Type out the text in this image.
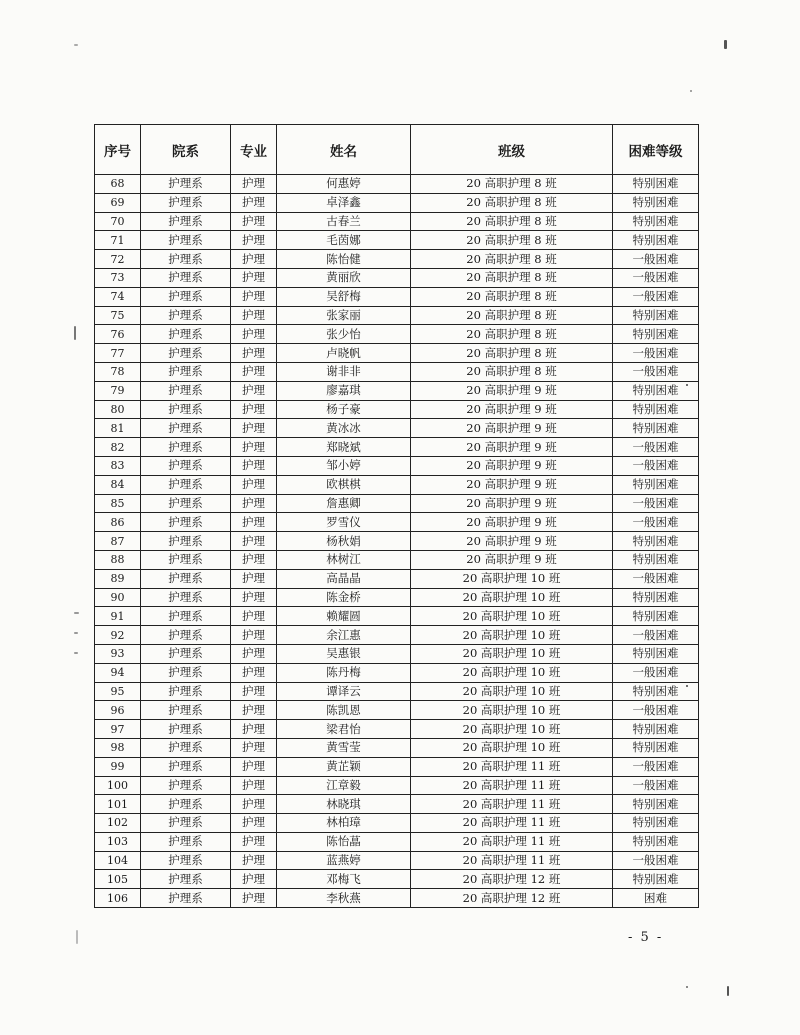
序号	院系	专业	姓名	班级	困难等级
68	护理系	护理	何惠婷	20 高职护理 8 班	特别困难
69	护理系	护理	卓泽鑫	20 高职护理 8 班	特别困难
70	护理系	护理	古春兰	20 高职护理 8 班	特别困难
71	护理系	护理	毛茵娜	20 高职护理 8 班	特别困难
72	护理系	护理	陈怡健	20 高职护理 8 班	一般困难
73	护理系	护理	黄丽欣	20 高职护理 8 班	一般困难
74	护理系	护理	吴舒梅	20 高职护理 8 班	一般困难
75	护理系	护理	张家丽	20 高职护理 8 班	特别困难
76	护理系	护理	张少怡	20 高职护理 8 班	特别困难
77	护理系	护理	卢晓帆	20 高职护理 8 班	一般困难
78	护理系	护理	谢非非	20 高职护理 8 班	一般困难
79	护理系	护理	廖嘉琪	20 高职护理 9 班	特别困难
80	护理系	护理	杨子豪	20 高职护理 9 班	特别困难
81	护理系	护理	黄冰冰	20 高职护理 9 班	特别困难
82	护理系	护理	郑晓斌	20 高职护理 9 班	一般困难
83	护理系	护理	邹小婷	20 高职护理 9 班	一般困难
84	护理系	护理	欧棋棋	20 高职护理 9 班	特别困难
85	护理系	护理	詹惠卿	20 高职护理 9 班	一般困难
86	护理系	护理	罗雪仪	20 高职护理 9 班	一般困难
87	护理系	护理	杨秋娟	20 高职护理 9 班	特别困难
88	护理系	护理	林树江	20 高职护理 9 班	特别困难
89	护理系	护理	高晶晶	20 高职护理 10 班	一般困难
90	护理系	护理	陈金桥	20 高职护理 10 班	特别困难
91	护理系	护理	赖耀圆	20 高职护理 10 班	特别困难
92	护理系	护理	余江惠	20 高职护理 10 班	一般困难
93	护理系	护理	吴惠银	20 高职护理 10 班	特别困难
94	护理系	护理	陈丹梅	20 高职护理 10 班	一般困难
95	护理系	护理	谭译云	20 高职护理 10 班	特别困难
96	护理系	护理	陈凯恩	20 高职护理 10 班	一般困难
97	护理系	护理	梁君怡	20 高职护理 10 班	特别困难
98	护理系	护理	黄雪莹	20 高职护理 10 班	特别困难
99	护理系	护理	黄芷颖	20 高职护理 11 班	一般困难
100	护理系	护理	江章毅	20 高职护理 11 班	一般困难
101	护理系	护理	林晓琪	20 高职护理 11 班	特别困难
102	护理系	护理	林柏璋	20 高职护理 11 班	特别困难
103	护理系	护理	陈怡蕌	20 高职护理 11 班	特别困难
104	护理系	护理	蓝燕婷	20 高职护理 11 班	一般困难
105	护理系	护理	邓梅飞	20 高职护理 12 班	特别困难
106	护理系	护理	李秋燕	20 高职护理 12 班	困难
- 5 -
